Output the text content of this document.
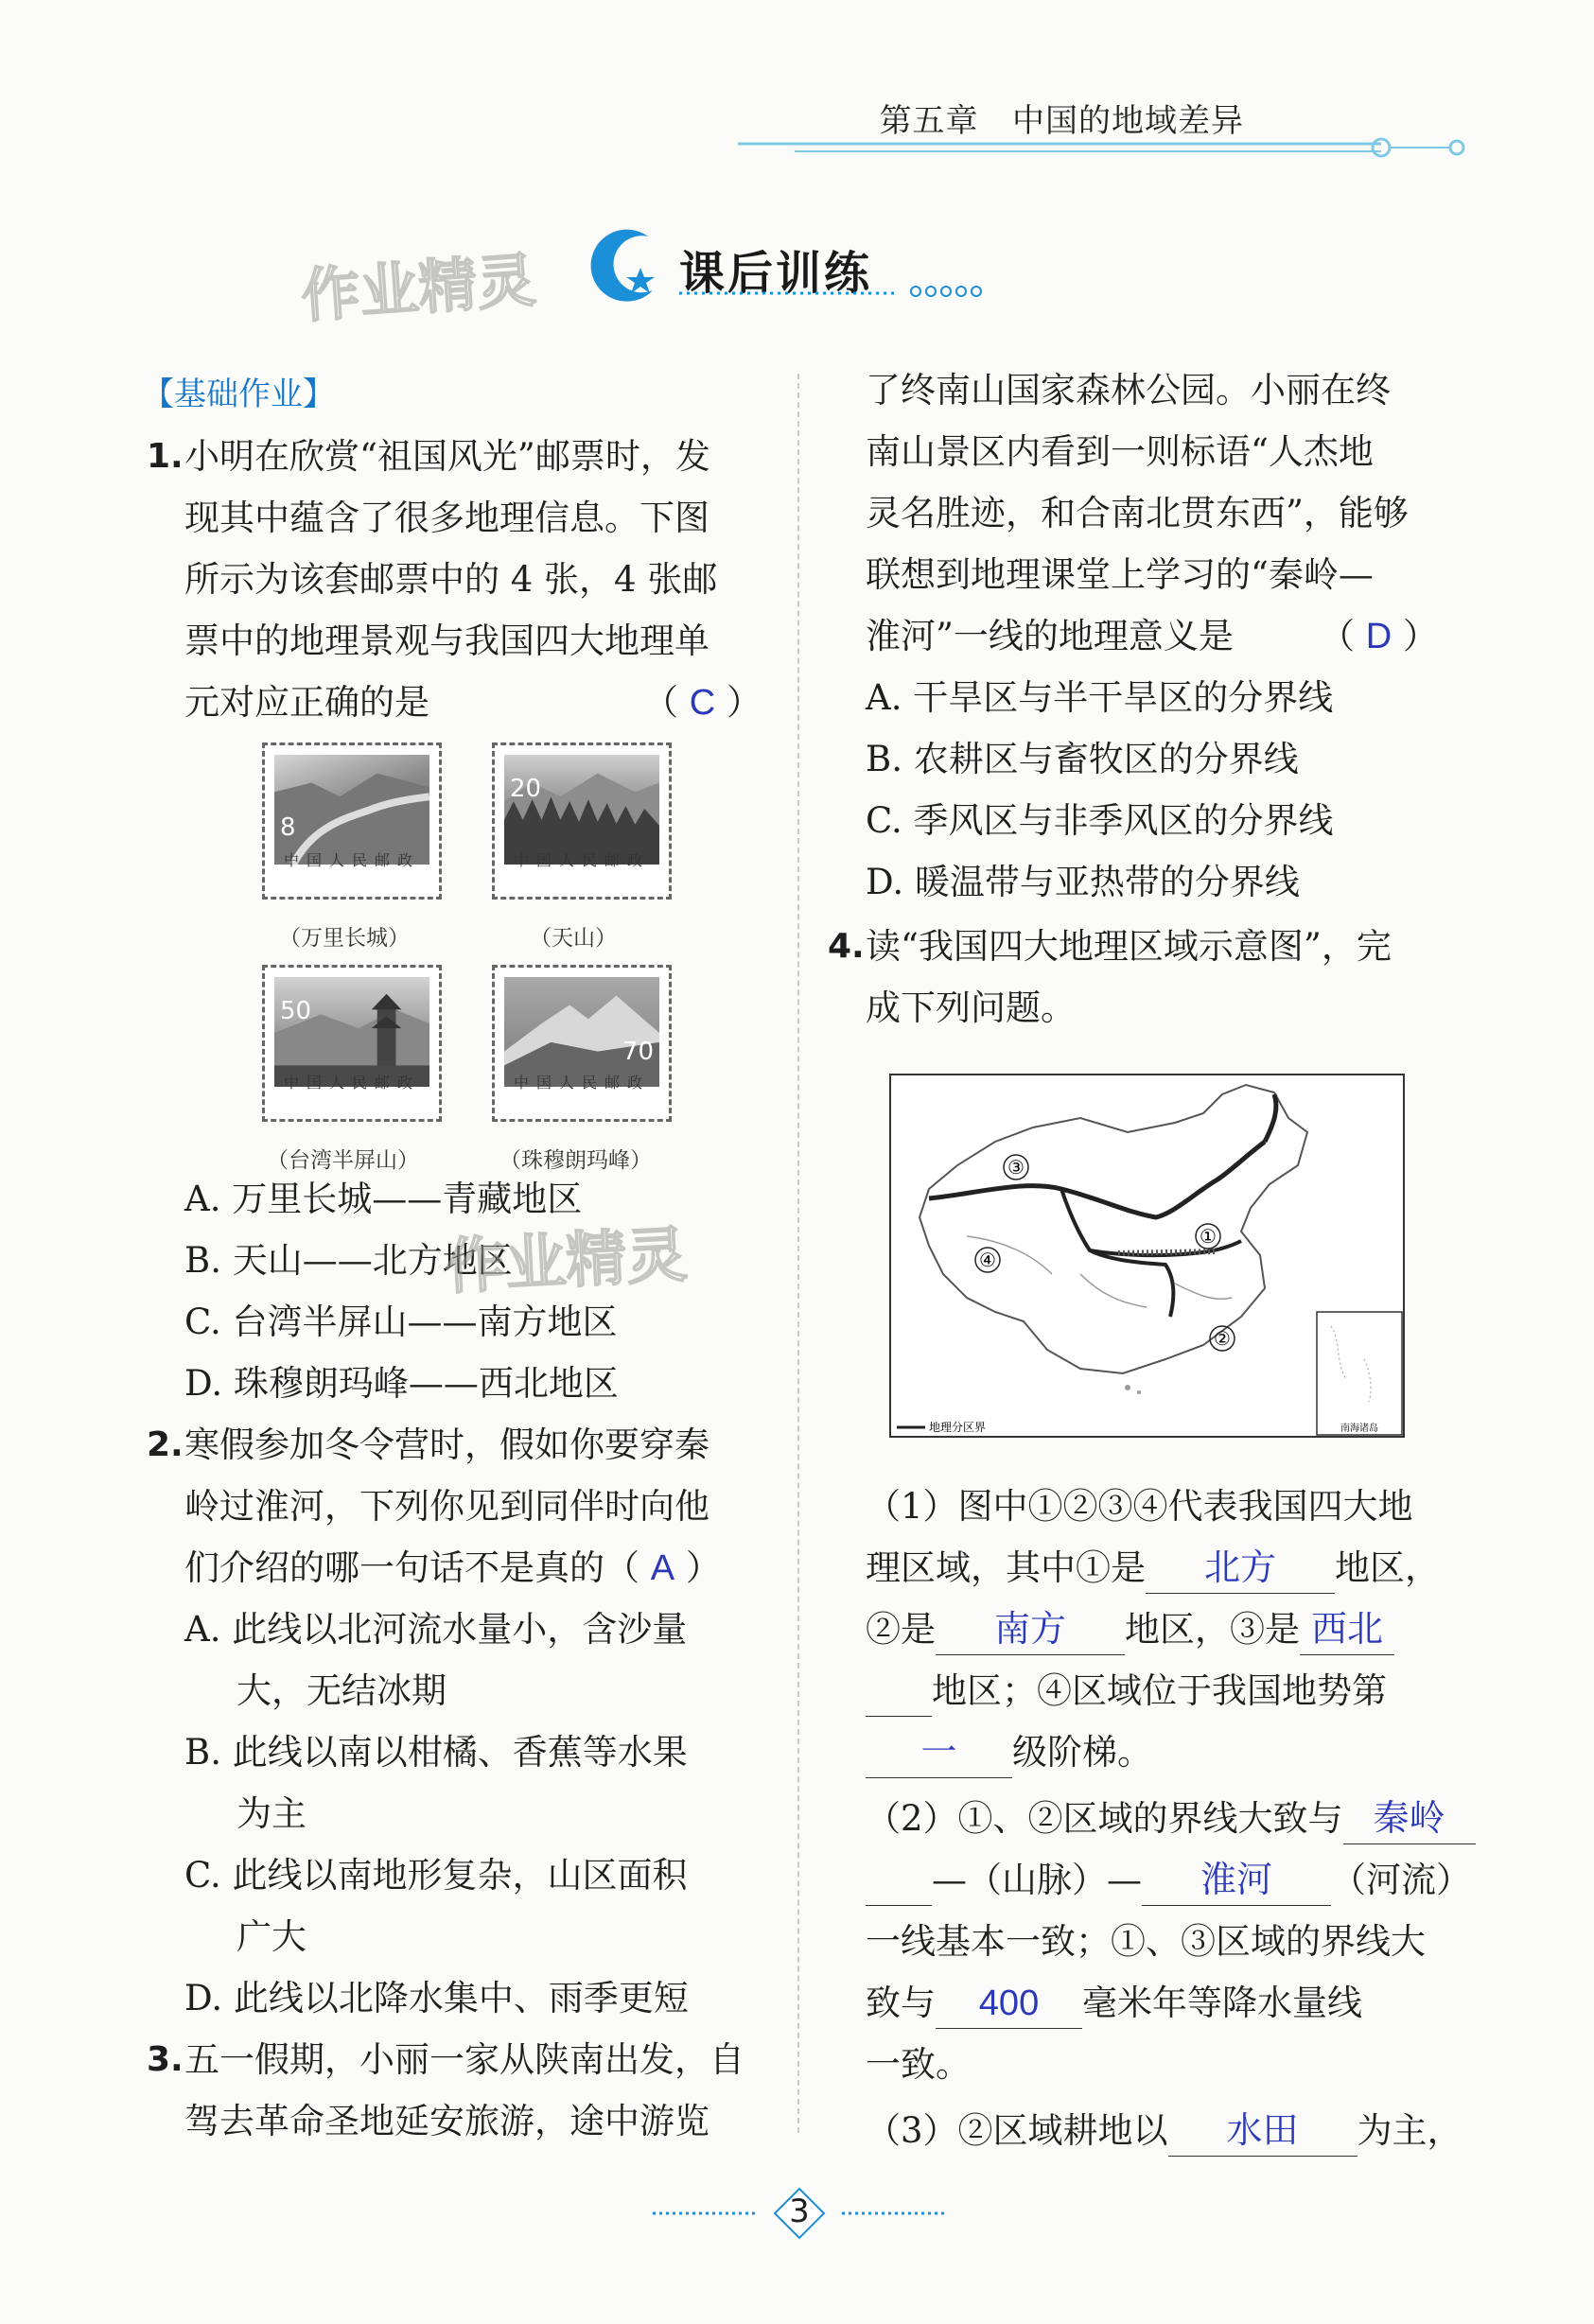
第五章 中国的地域差异
作业精灵	课后训练
【基础作业】
1. 小明在欣赏“祖国风光”邮票时，发
现其中蕴含了很多地理信息。下图
所示为该套邮票中的 4 张，4 张邮
票中的地理景观与我国四大地理单
元对应正确的是	（ C ）
8
中国人民邮政
（万里长城）
20
中国人民邮政
（天山）
50
中国人民邮政
（台湾半屏山）
70
中国人民邮政
（珠穆朗玛峰）
A. 万里长城——青藏地区
B. 天山——北方地区
C. 台湾半屏山——南方地区
D. 珠穆朗玛峰——西北地区
2. 寒假参加冬令营时，假如你要穿秦
岭过淮河，下列你见到同伴时向他
们介绍的哪一句话不是真的（ A ）
A. 此线以北河流水量小，含沙量
大，无结冰期
B. 此线以南以柑橘、香蕉等水果
为主
C. 此线以南地形复杂，山区面积
广大
D. 此线以北降水集中、雨季更短
3. 五一假期，小丽一家从陕南出发，自
驾去革命圣地延安旅游，途中游览
作业精灵
了终南山国家森林公园。小丽在终
南山景区内看到一则标语“人杰地
灵名胜迹，和合南北贯东西”，能够
联想到地理课堂上学习的“秦岭—
淮河”一线的地理意义是 （ D ）
A. 干旱区与半干旱区的分界线
B. 农耕区与畜牧区的分界线
C. 季风区与非季风区的分界线
D. 暖温带与亚热带的分界线
4. 读“我国四大地理区域示意图”，完
成下列问题。
③
①
④
②
南海诸岛
地理分区界
（1）图中①②③④代表我国四大地
理区域，其中①是 北方 地区，
②是 南方 地区，③是 西北
地区；④区域位于我国地势第
一 级阶梯。
（2）①、②区域的界线大致与 秦岭
—（山脉）— 淮河 （河流）
一线基本一致；①、③区域的界线大
致与 400 毫米年等降水量线
一致。
（3）②区域耕地以 水田 为主，
3
